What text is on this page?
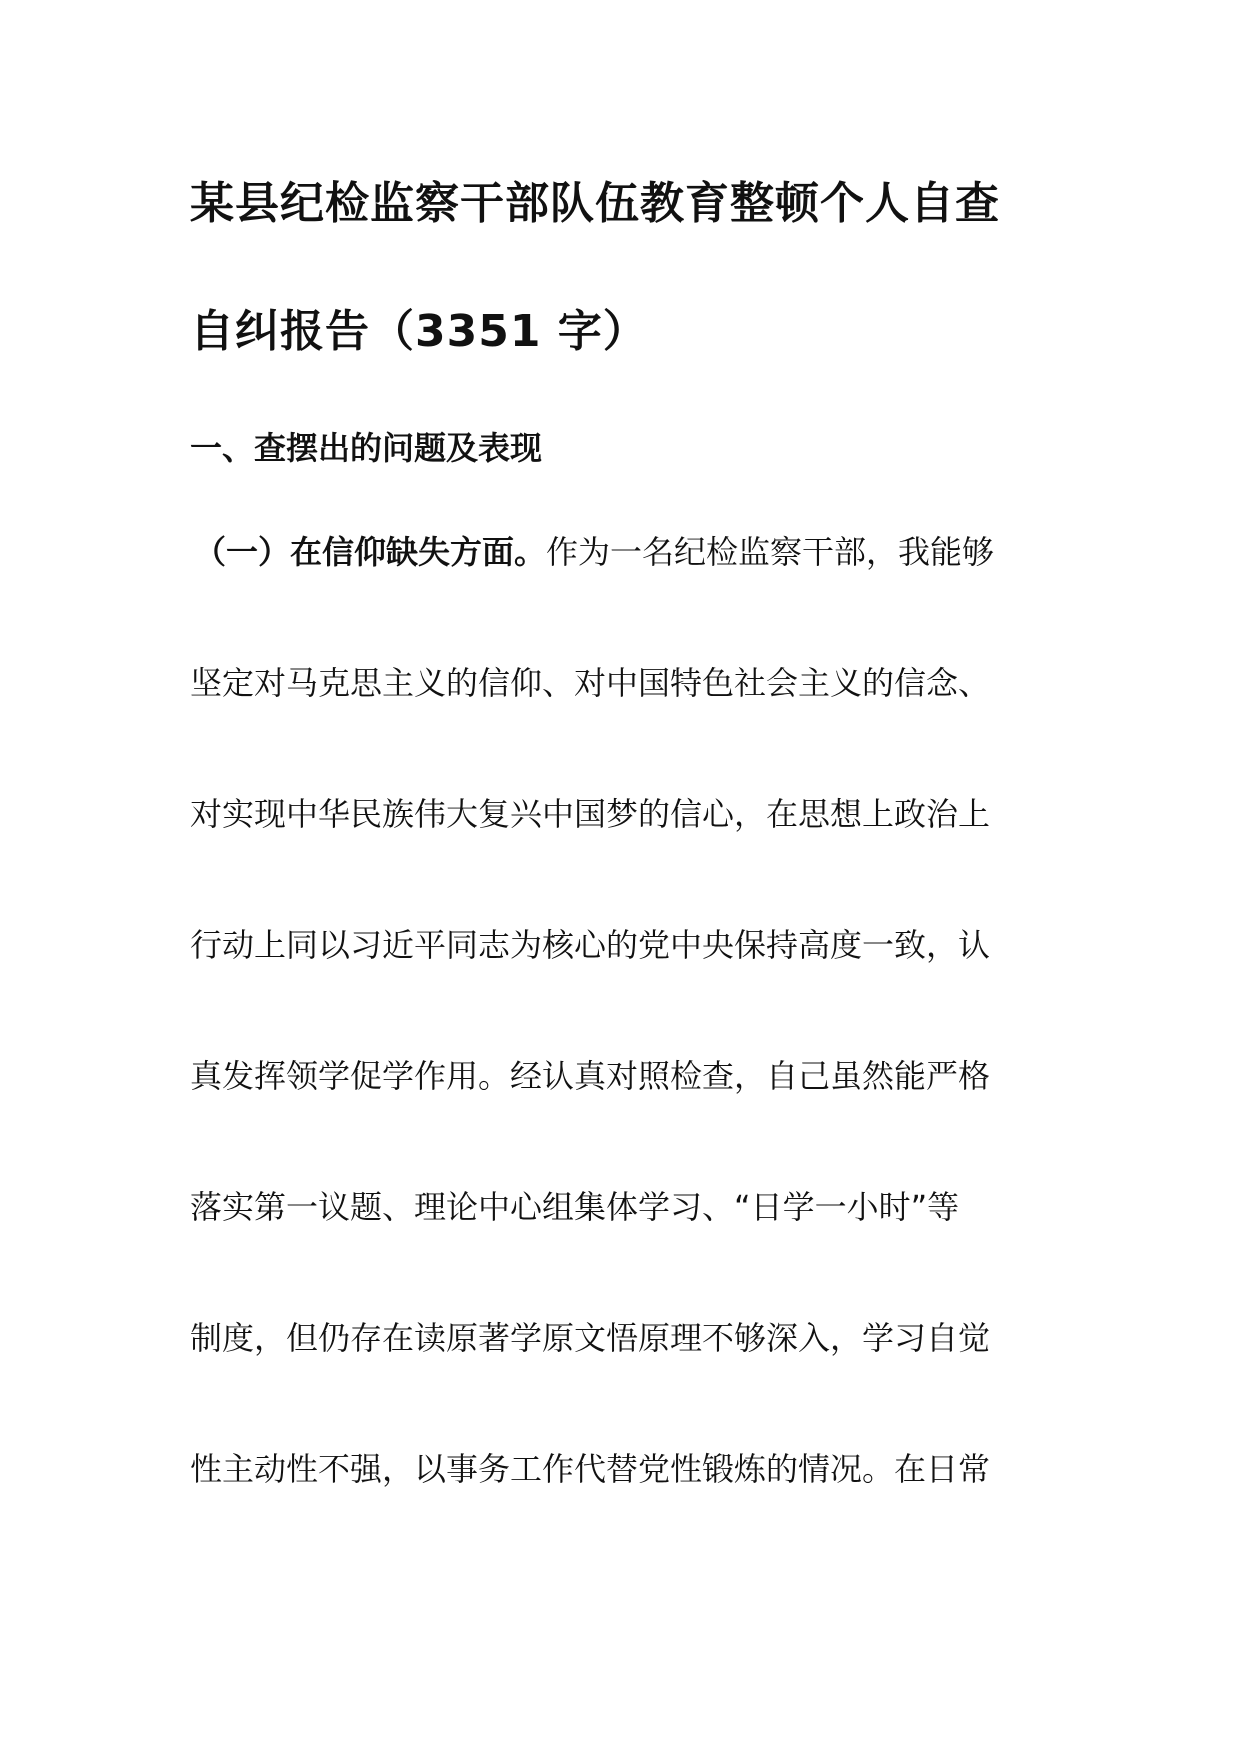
某县纪检监察干部队伍教育整顿个人自查
自纠报告（3351 字）
一、查摆出的问题及表现

（一）在信仰缺失方面。作为一名纪检监察干部，我能够

坚定对马克思主义的信仰、对中国特色社会主义的信念、

对实现中华民族伟大复兴中国梦的信心，在思想上政治上

行动上同以习近平同志为核心的党中央保持高度一致，认

真发挥领学促学作用。经认真对照检查，自己虽然能严格

落实第一议题、理论中心组集体学习、“日学一小时”等

制度，但仍存在读原著学原文悟原理不够深入，学习自觉

性主动性不强，以事务工作代替党性锻炼的情况。在日常
